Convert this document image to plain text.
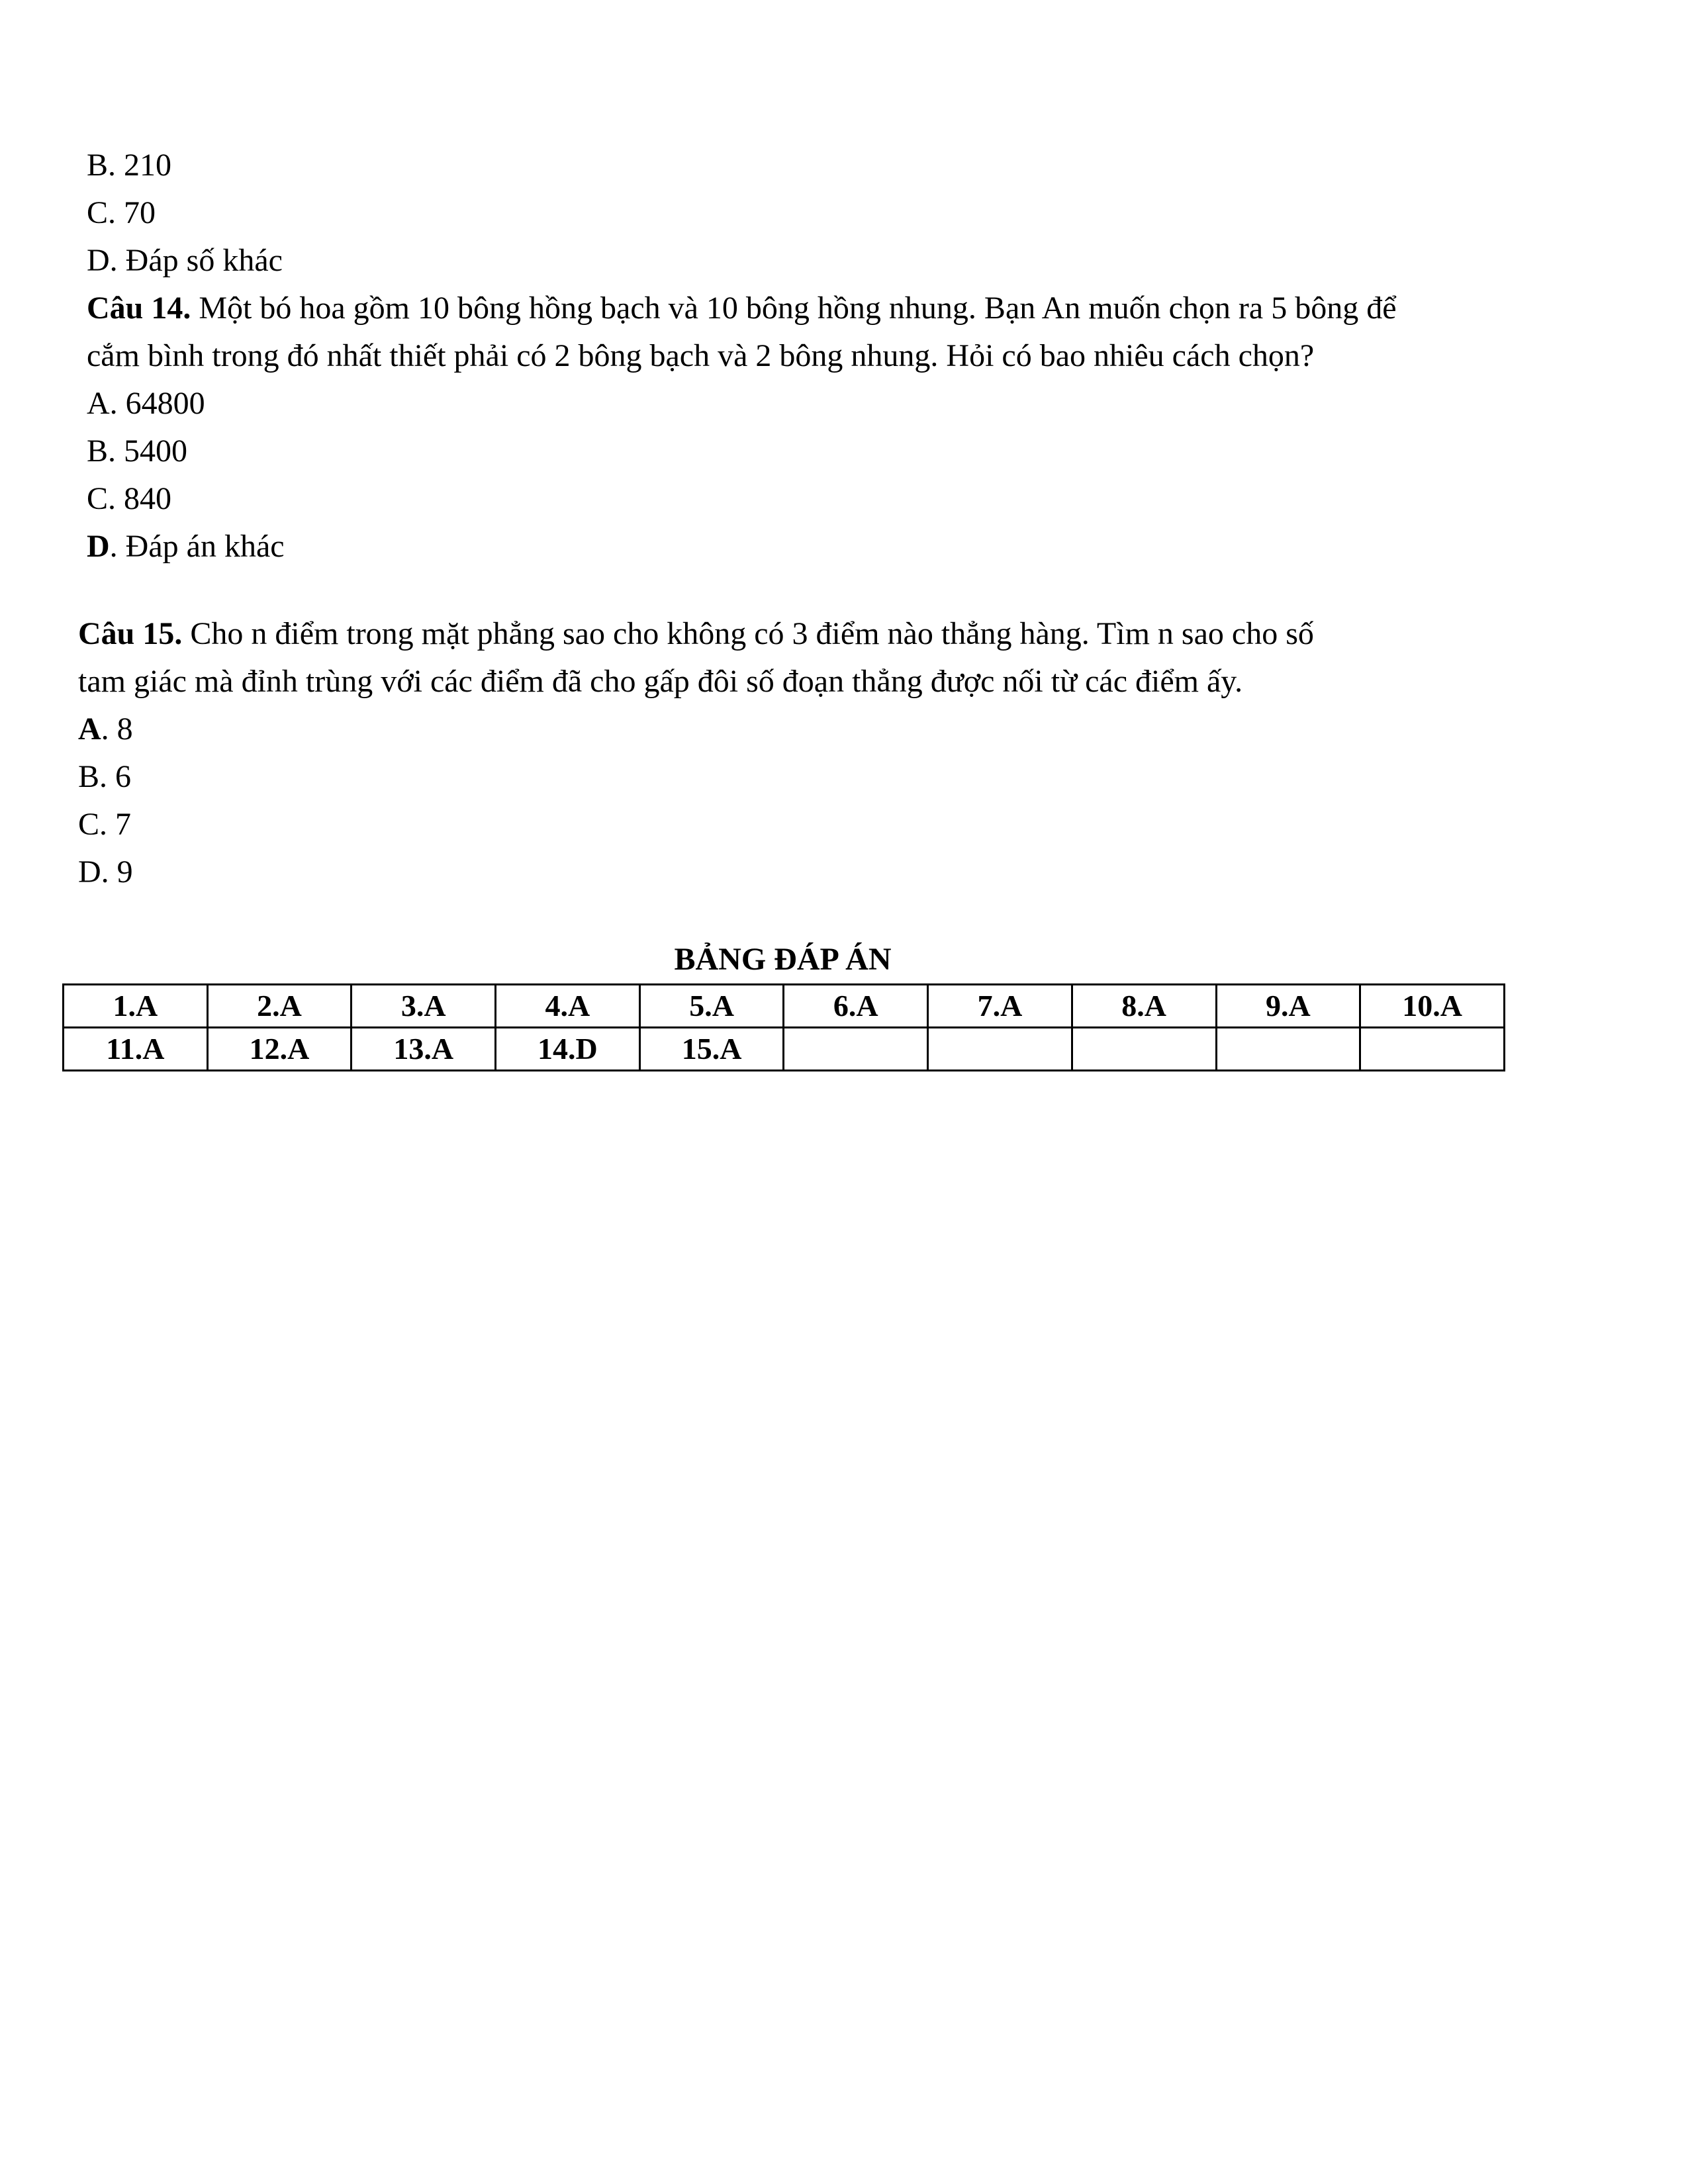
B. 210
C. 70
D. Đáp số khác
Câu 14. Một bó hoa gồm 10 bông hồng bạch và 10 bông hồng nhung. Bạn An muốn chọn ra 5 bông để
cắm bình trong đó nhất thiết phải có 2 bông bạch và 2 bông nhung. Hỏi có bao nhiêu cách chọn?
A. 64800
B. 5400
C. 840
D. Đáp án khác
Câu 15. Cho n điểm trong mặt phẳng sao cho không có 3 điểm nào thẳng hàng. Tìm n sao cho số
tam giác mà đỉnh trùng với các điểm đã cho gấp đôi số đoạn thẳng được nối từ các điểm ấy.
A. 8
B. 6
C. 7
D. 9
BẢNG ĐÁP ÁN
1.A	2.A	3.A	4.A	5.A	6.A	7.A	8.A	9.A	10.A
11.A	12.A	13.A	14.D	15.A					
